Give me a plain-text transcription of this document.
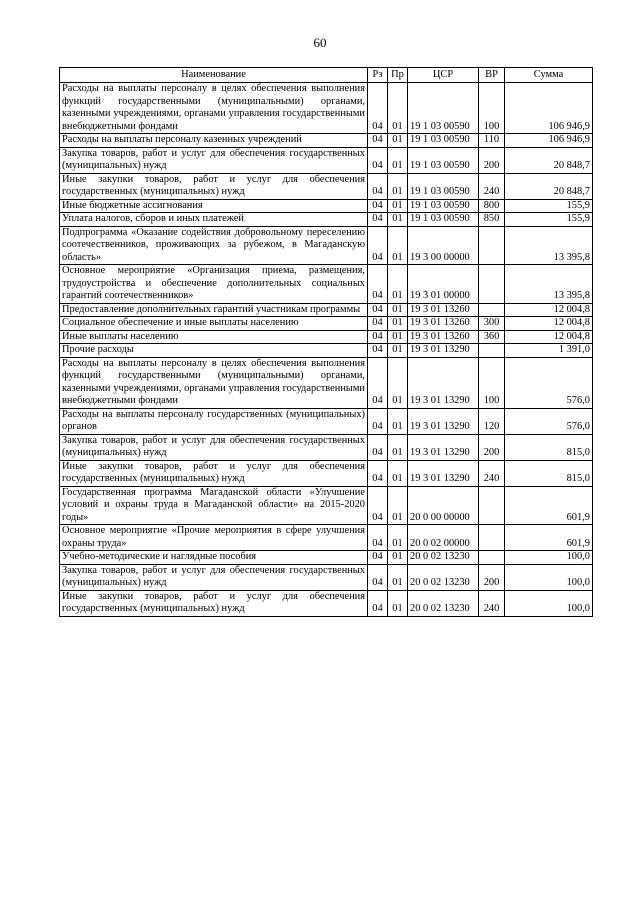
60
Наименование	Рз	Пр	ЦСР	ВР	Сумма
Расходы на выплаты персоналу в целях обеспечения выполнения функций государственными (муниципальными) органами, казенными учреждениями, органами управления государственными внебюджетными фондами	04	01	19 1 03 00590	100	106 946,9
Расходы на выплаты персоналу казенных учреждений	04	01	19 1 03 00590	110	106 946,9
Закупка товаров, работ и услуг для обеспечения государственных (муниципальных) нужд	04	01	19 1 03 00590	200	20 848,7
Иные закупки товаров, работ и услуг для обеспечения государственных (муниципальных) нужд	04	01	19 1 03 00590	240	20 848,7
Иные бюджетные ассигнования	04	01	19 1 03 00590	800	155,9
Уплата налогов, сборов и иных платежей	04	01	19 1 03 00590	850	155,9
Подпрограмма «Оказание содействия добровольному переселению соотечественников, проживающих за рубежом, в Магаданскую область»	04	01	19 3 00 00000		13 395,8
Основное мероприятие «Организация приема, размещения, трудоустройства и обеспечение дополнительных социальных гарантий соотечественников»	04	01	19 3 01 00000		13 395,8
Предоставление дополнительных гарантий участникам программы	04	01	19 3 01 13260		12 004,8
Социальное обеспечение и иные выплаты населению	04	01	19 3 01 13260	300	12 004,8
Иные выплаты населению	04	01	19 3 01 13260	360	12 004,8
Прочие расходы	04	01	19 3 01 13290		1 391,0
Расходы на выплаты персоналу в целях обеспечения выполнения функций государственными (муниципальными) органами, казенными учреждениями, органами управления государственными внебюджетными фондами	04	01	19 3 01 13290	100	576,0
Расходы на выплаты персоналу государственных (муниципальных) органов	04	01	19 3 01 13290	120	576,0
Закупка товаров, работ и услуг для обеспечения государственных (муниципальных) нужд	04	01	19 3 01 13290	200	815,0
Иные закупки товаров, работ и услуг для обеспечения государственных (муниципальных) нужд	04	01	19 3 01 13290	240	815,0
Государственная программа Магаданской области «Улучшение условий и охраны труда в Магаданской области» на 2015-2020 годы»	04	01	20 0 00 00000		601,9
Основное мероприятие «Прочие мероприятия в сфере улучшения охраны труда»	04	01	20 0 02 00000		601,9
Учебно-методические и наглядные пособия	04	01	20 0 02 13230		100,0
Закупка товаров, работ и услуг для обеспечения государственных (муниципальных) нужд	04	01	20 0 02 13230	200	100,0
Иные закупки товаров, работ и услуг для обеспечения государственных (муниципальных) нужд	04	01	20 0 02 13230	240	100,0
